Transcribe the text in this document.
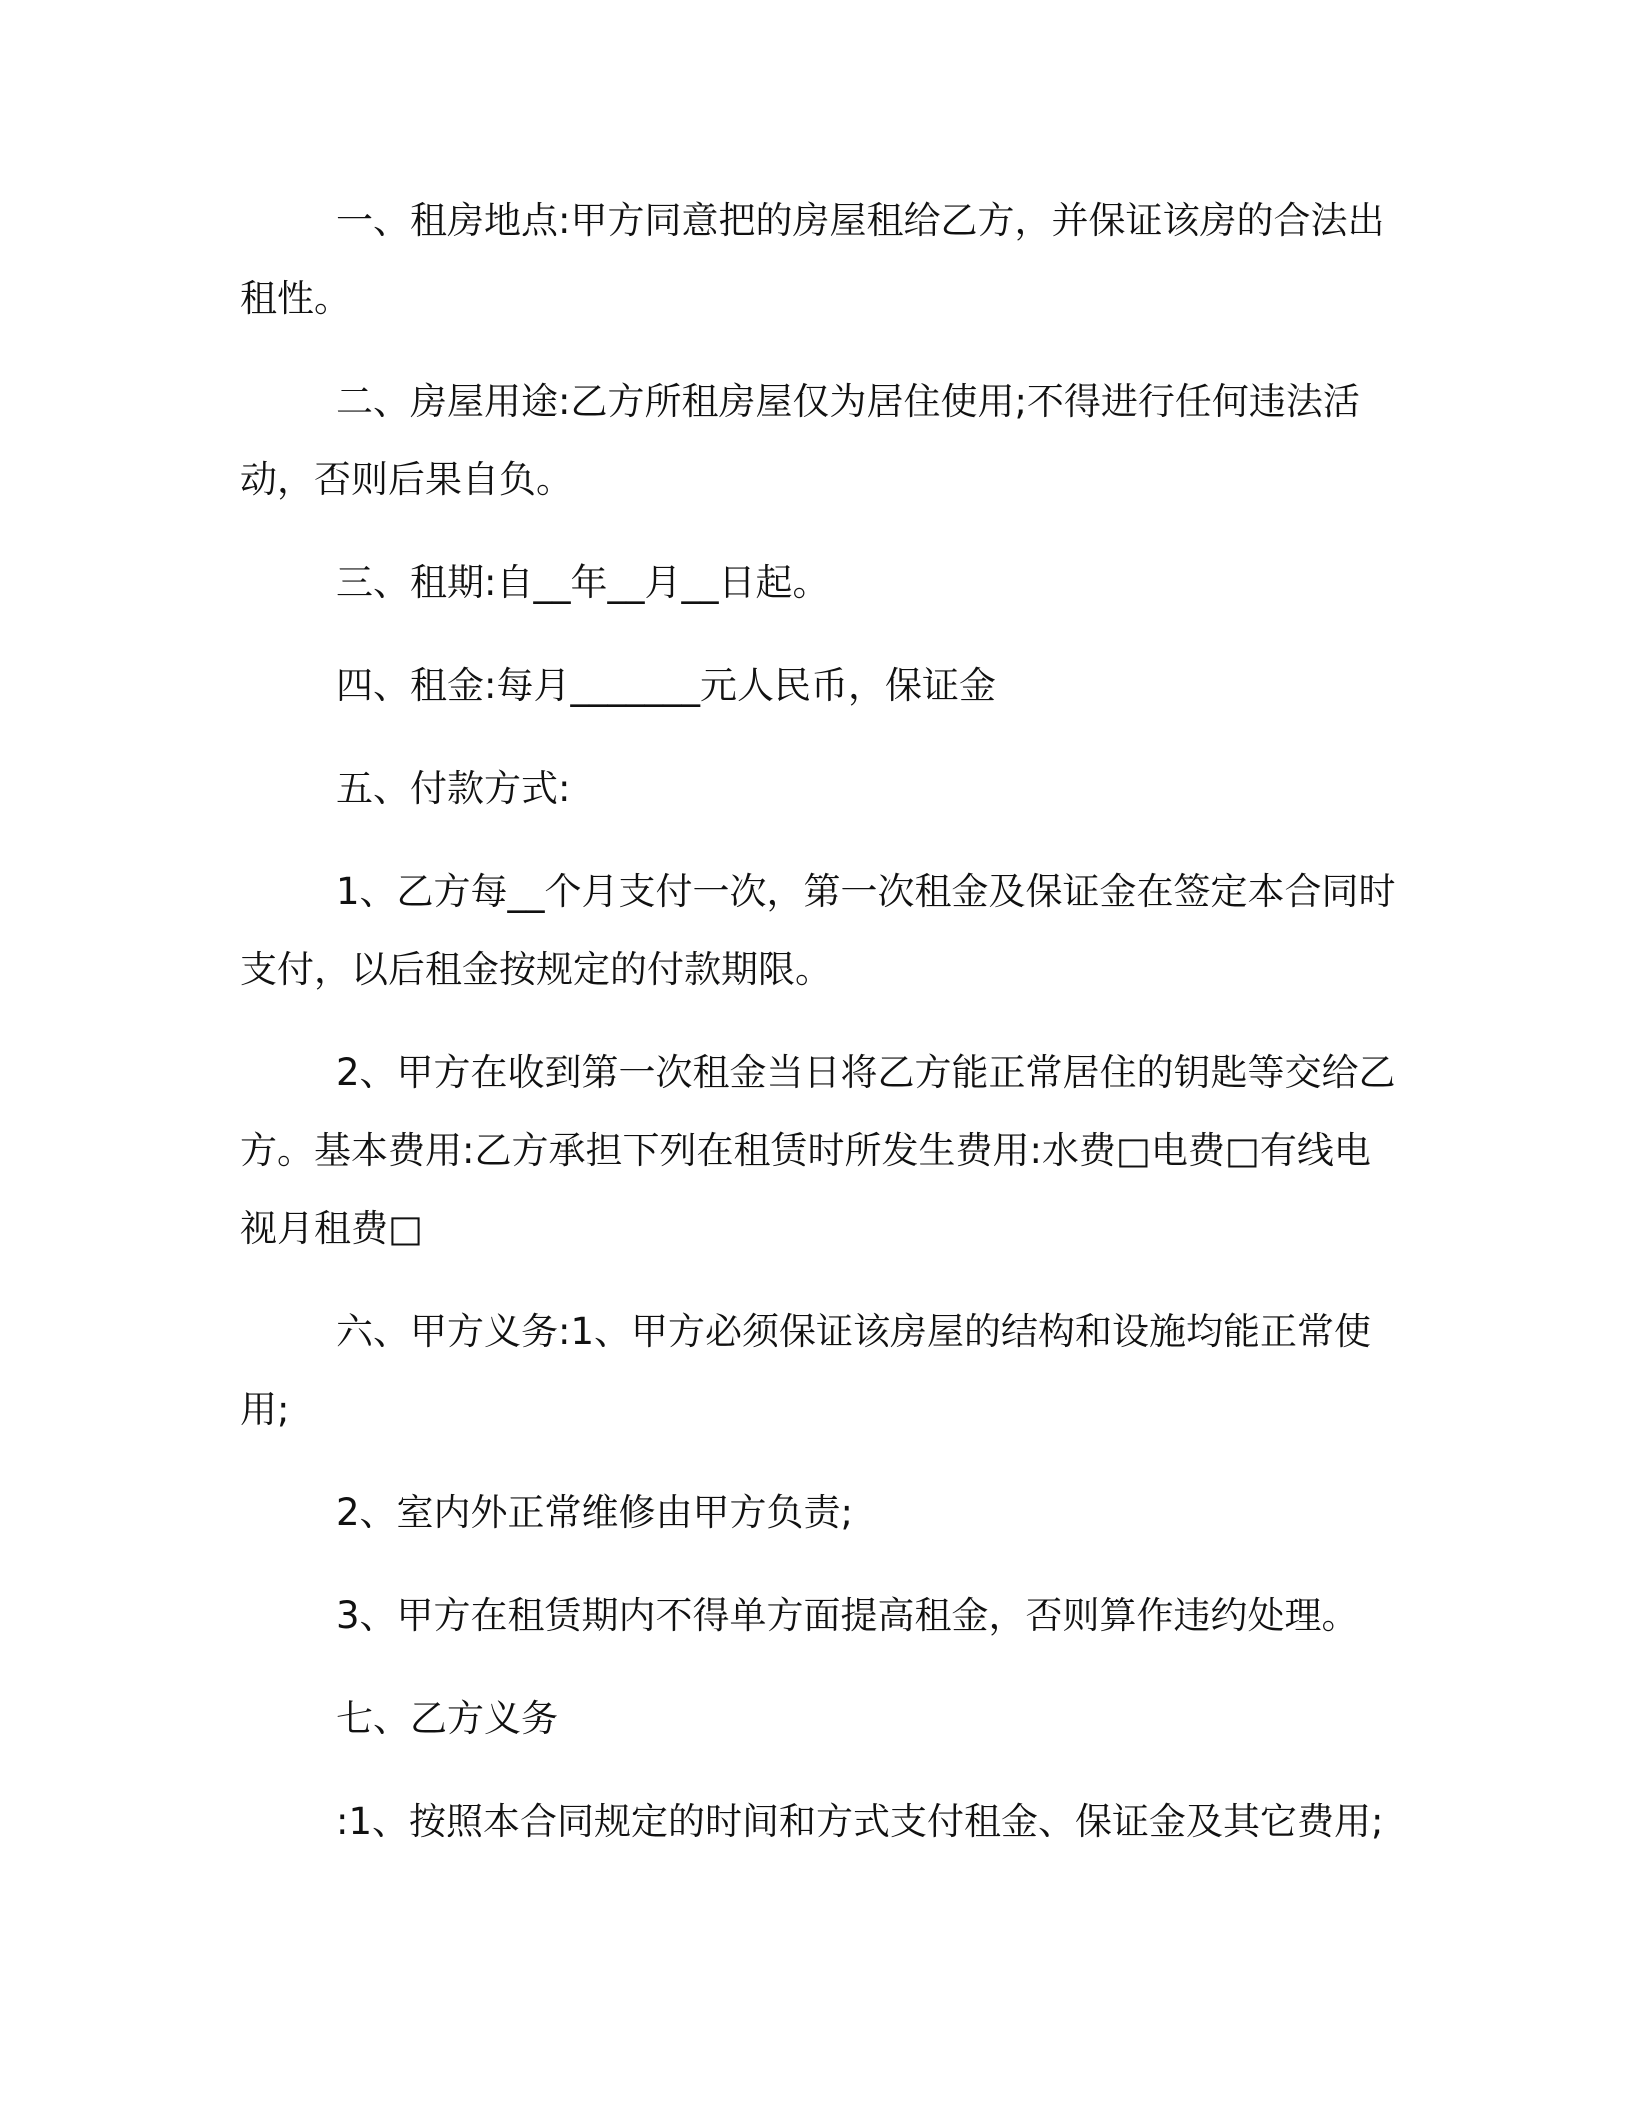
一、租房地点:甲方同意把的房屋租给乙方，并保证该房的合法出租性。

二、房屋用途:乙方所租房屋仅为居住使用;不得进行任何违法活动，否则后果自负。

三、租期:自__年__月__日起。

四、租金:每月_______元人民币，保证金

五、付款方式:

1、乙方每__个月支付一次，第一次租金及保证金在签定本合同时支付，以后租金按规定的付款期限。

2、甲方在收到第一次租金当日将乙方能正常居住的钥匙等交给乙方。基本费用:乙方承担下列在租赁时所发生费用:水费□电费□有线电视月租费□

六、甲方义务:1、甲方必须保证该房屋的结构和设施均能正常使用;

2、室内外正常维修由甲方负责;

3、甲方在租赁期内不得单方面提高租金，否则算作违约处理。

七、乙方义务

:1、按照本合同规定的时间和方式支付租金、保证金及其它费用;
